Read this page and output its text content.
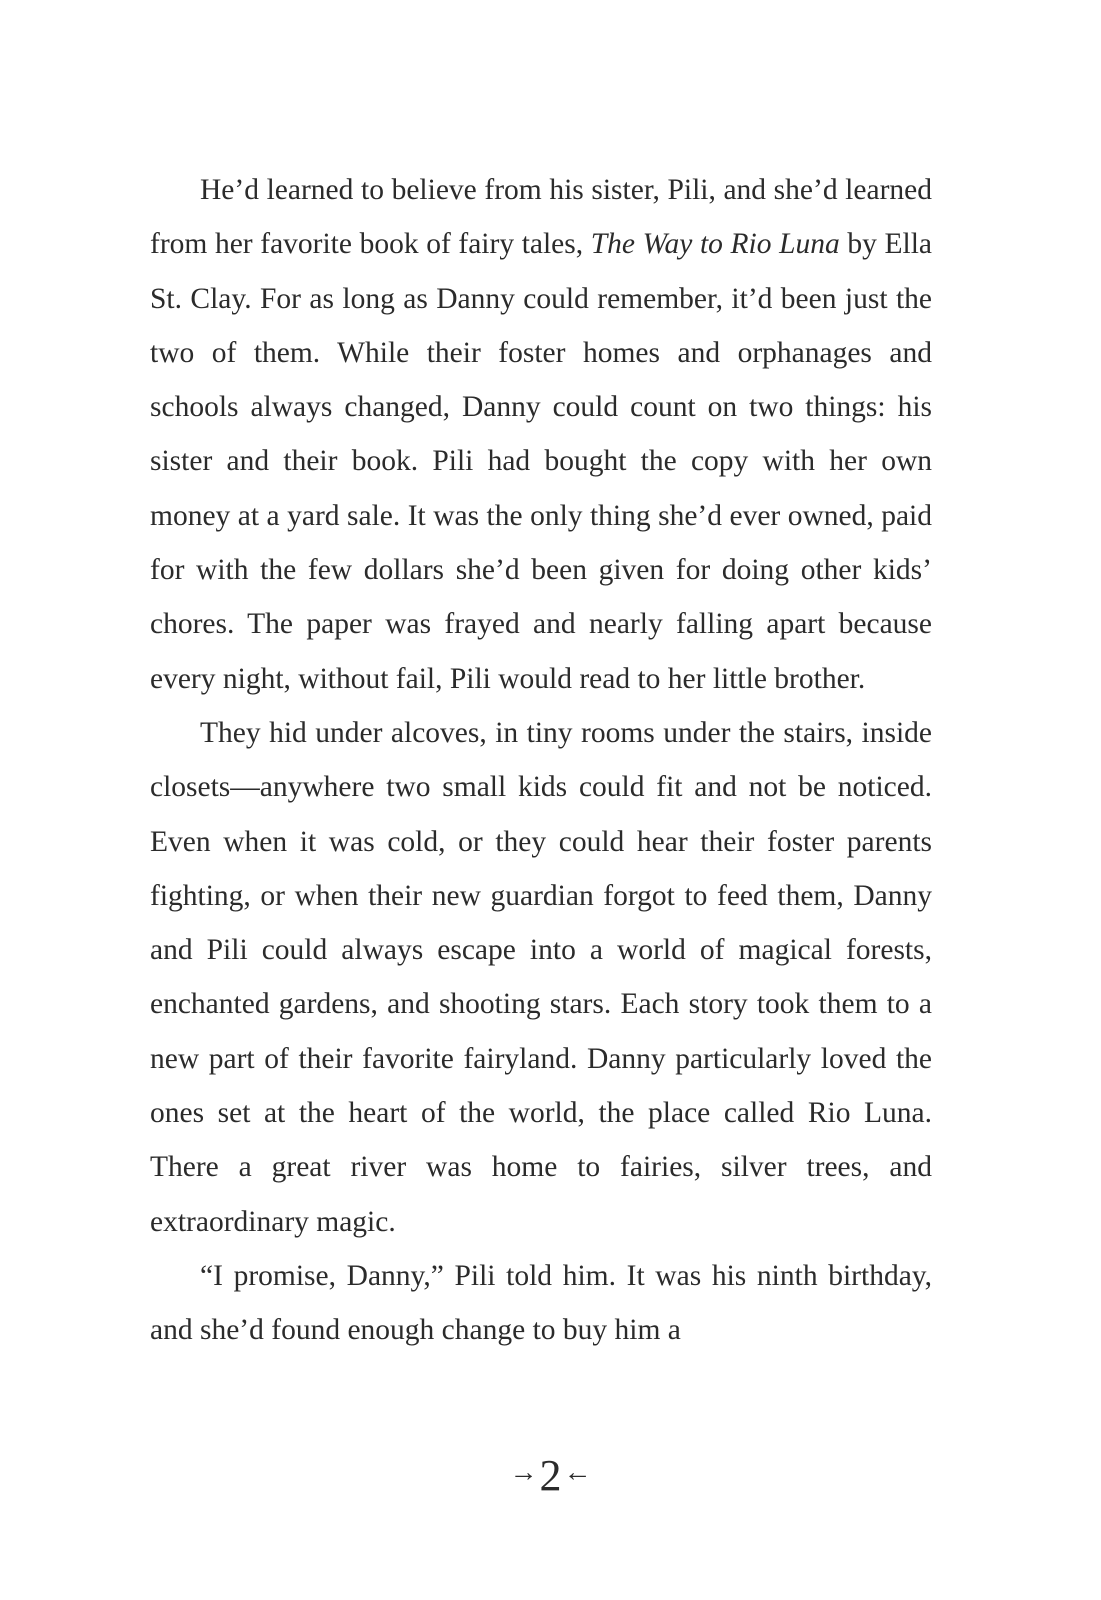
He’d learned to believe from his sister, Pili, and she’d learned from her favorite book of fairy tales, The Way to Rio Luna by Ella St. Clay. For as long as Danny could remember, it’d been just the two of them. While their foster homes and orphanages and schools always changed, Danny could count on two things: his sister and their book. Pili had bought the copy with her own money at a yard sale. It was the only thing she’d ever owned, paid for with the few dollars she’d been given for doing other kids’ chores. The paper was frayed and nearly falling apart because every night, without fail, Pili would read to her little brother.

They hid under alcoves, in tiny rooms under the stairs, inside closets—anywhere two small kids could fit and not be noticed. Even when it was cold, or they could hear their foster parents fighting, or when their new guardian forgot to feed them, Danny and Pili could always escape into a world of magical forests, enchanted gardens, and shooting stars. Each story took them to a new part of their favorite fairyland. Danny particularly loved the ones set at the heart of the world, the place called Rio Luna. There a great river was home to fairies, silver trees, and extraordinary magic.

“I promise, Danny,” Pili told him. It was his ninth birthday, and she’d found enough change to buy him a

→2←
